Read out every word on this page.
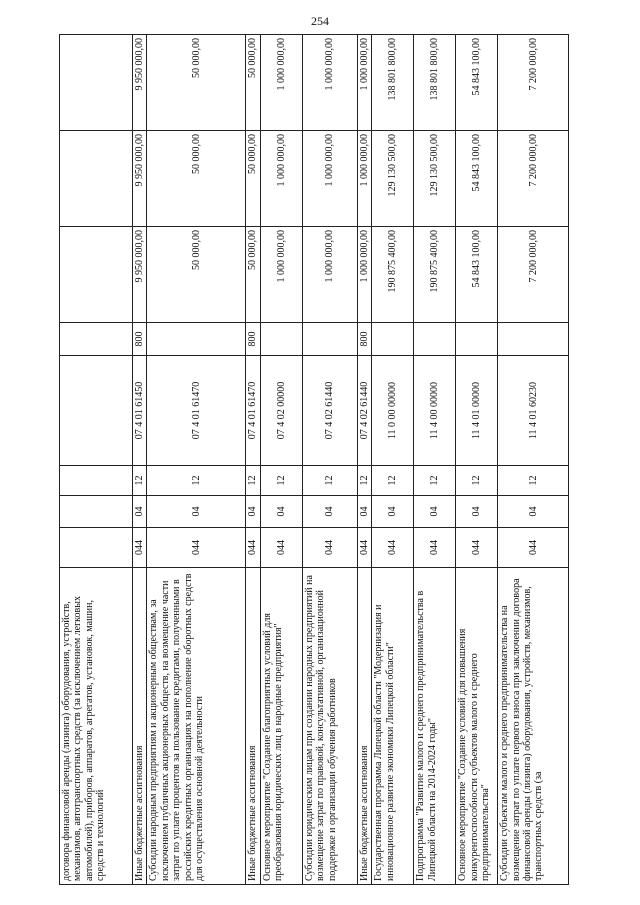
254
договора финансовой аренды (лизинга) оборудования, устройств, механизмов, автотранспортных средств (за исключением легковых автомобилей), приборов, аппаратов, агрегатов, установок, машин, средств и технологий								
Иные бюджетные ассигнования	044	04	12	07 4 01 61450	800	9 950 000,00	9 950 000,00	9 950 000,00
Субсидии народным предприятиям и акционерным обществам, за исключением публичных акционерных обществ, на возмещение части затрат по уплате процентов за пользование кредитами, полученными в российских кредитных организациях на пополнение оборотных средств для осуществления основной деятельности	044	04	12	07 4 01 61470		50 000,00	50 000,00	50 000,00
Иные бюджетные ассигнования	044	04	12	07 4 01 61470	800	50 000,00	50 000,00	50 000,00
Основное мероприятие "Создание благоприятных условий для преобразования юридических лиц в народные предприятия"	044	04	12	07 4 02 00000		1 000 000,00	1 000 000,00	1 000 000,00
Субсидии юридическим лицам при создании народных предприятий на возмещение затрат по правовой, консультативной, организационной поддержке и организации обучения работников	044	04	12	07 4 02 61440		1 000 000,00	1 000 000,00	1 000 000,00
Иные бюджетные ассигнования	044	04	12	07 4 02 61440	800	1 000 000,00	1 000 000,00	1 000 000,00
Государственная программа Липецкой области "Модернизация и инновационное развитие экономики Липецкой области"	044	04	12	11 0 00 00000		190 875 400,00	129 130 500,00	138 801 800,00
Подпрограмма "Развитие малого и среднего предпринимательства в Липецкой области на 2014-2024 годы"	044	04	12	11 4 00 00000		190 875 400,00	129 130 500,00	138 801 800,00
Основное мероприятие "Создание условий для повышения конкурентоспособности субъектов малого и среднего предпринимательства"	044	04	12	11 4 01 00000		54 843 100,00	54 843 100,00	54 843 100,00
Субсидии субъектам малого и среднего предпринимательства на возмещение затрат по уплате первого взноса при заключении договора финансовой аренды (лизинга) оборудования, устройств, механизмов, транспортных средств (за	044	04	12	11 4 01 60230		7 200 000,00	7 200 000,00	7 200 000,00
